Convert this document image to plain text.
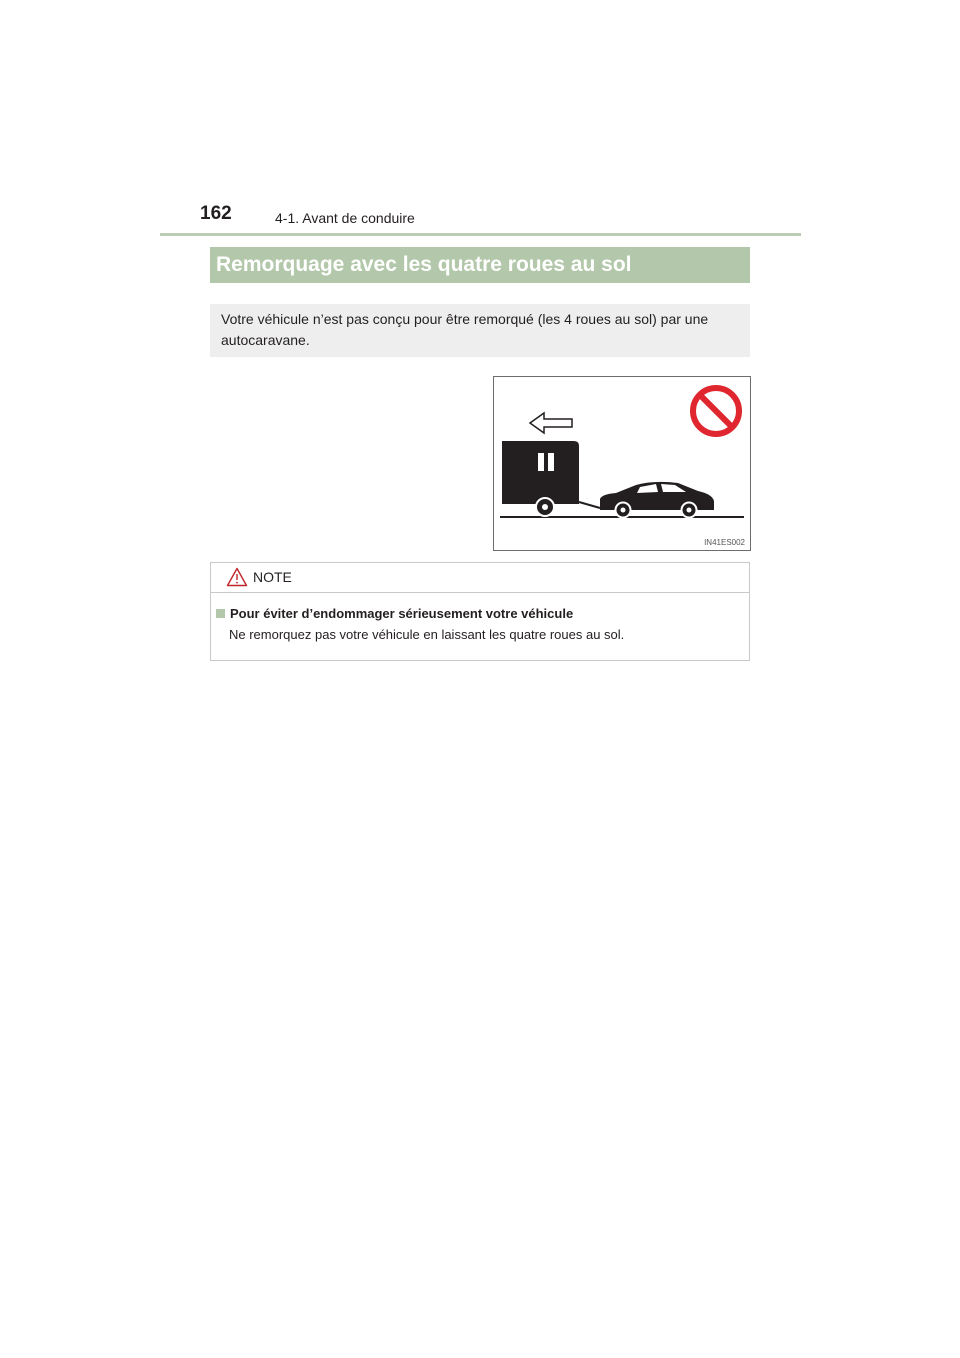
162	4-1. Avant de conduire
Remorquage avec les quatre roues au sol
Votre véhicule n’est pas conçu pour être remorqué (les 4 roues au sol) par une autocaravane.
IN41ES002
NOTE
Pour éviter d’endommager sérieusement votre véhicule
Ne remorquez pas votre véhicule en laissant les quatre roues au sol.
